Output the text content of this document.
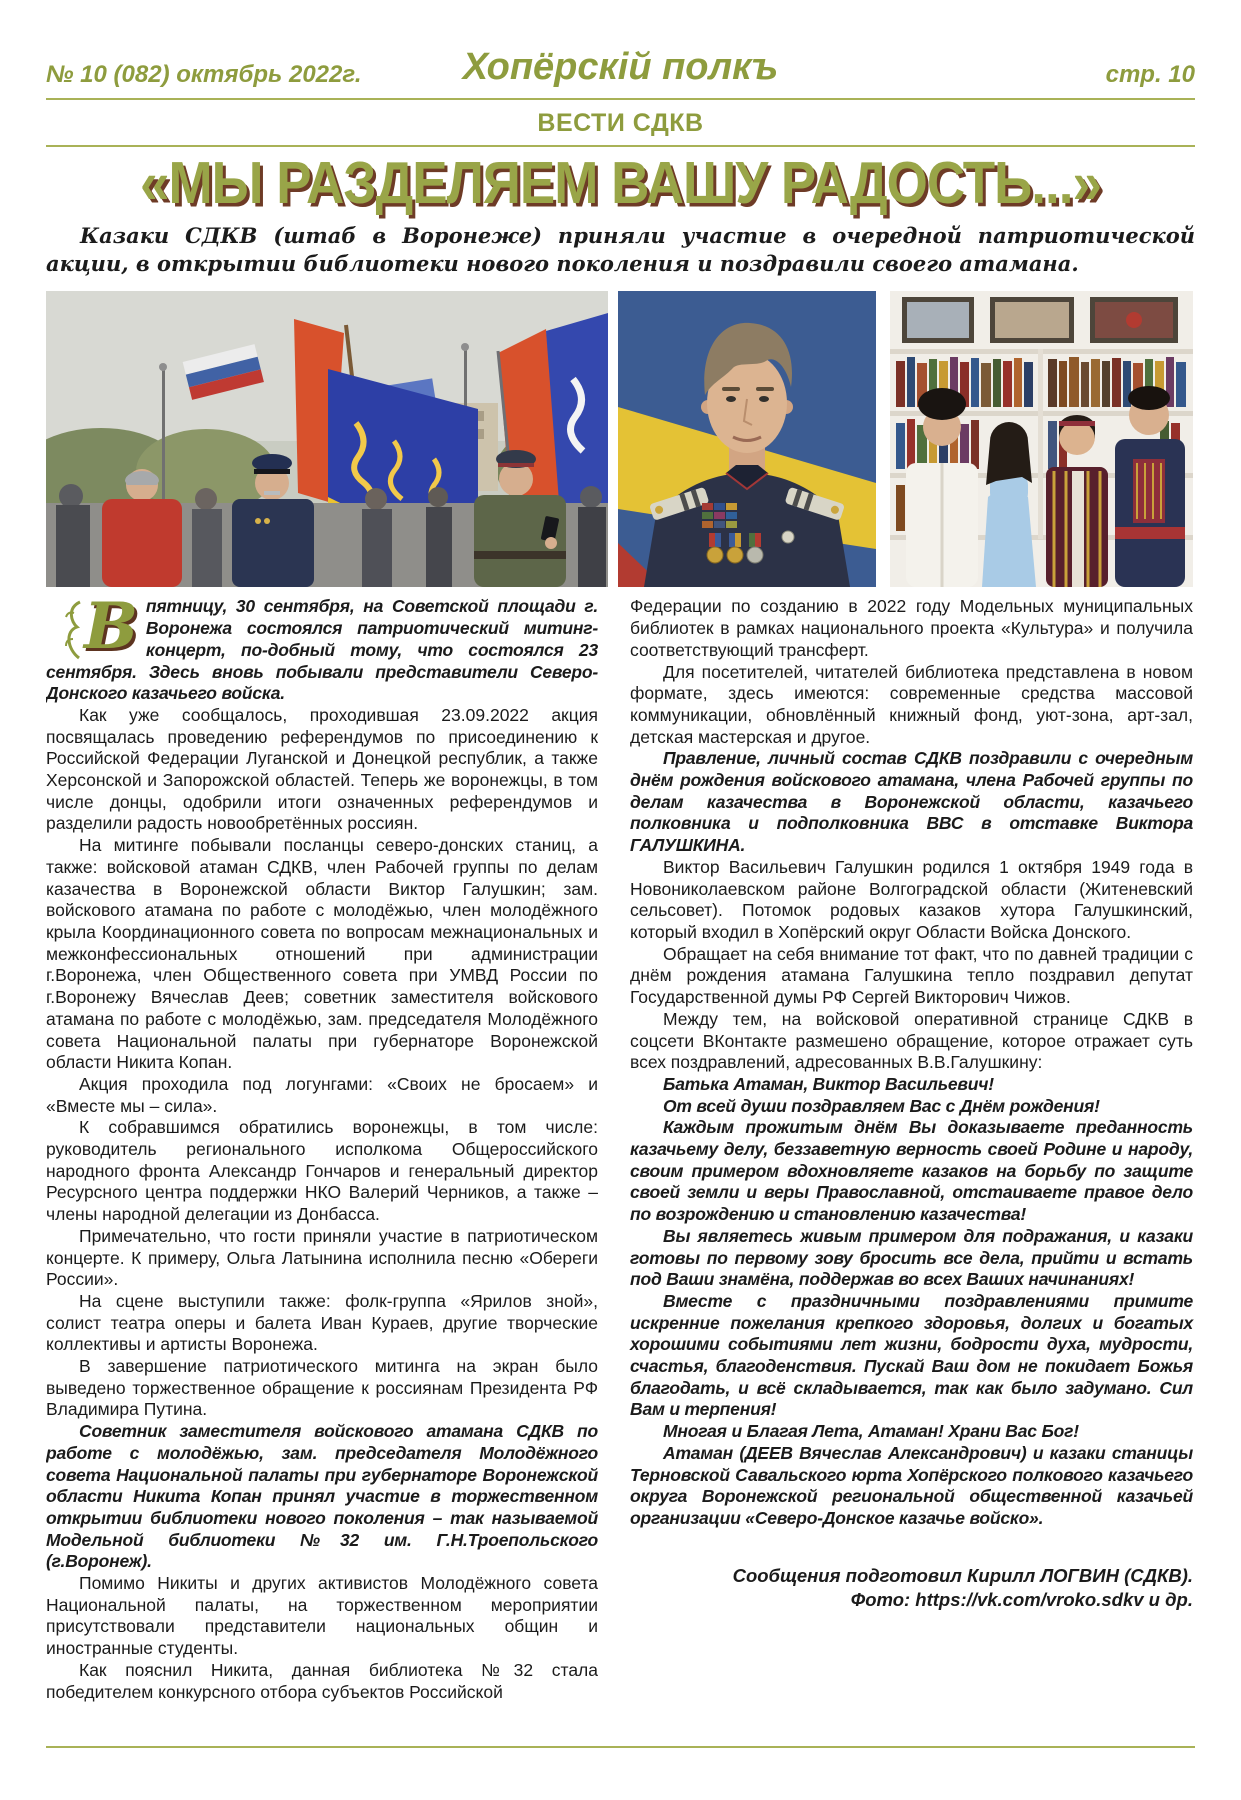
№ 10 (082) октябрь 2022г.	Хопёрскій полкъ	стр. 10
ВЕСТИ СДКВ
«МЫ РАЗДЕЛЯЕМ ВАШУ РАДОСТЬ...»

Казаки СДКВ (штаб в Воронеже) приняли участие в очередной патриотической акции, в открытии библиотеки нового поколения и поздравили своего атамана.

В пятницу, 30 сентября, на Советской площади г. Воронежа состоялся патриотический митинг-концерт, по-добный тому, что состоялся 23 сентября. Здесь вновь побывали представители Северо-Донского казачьего войска.

Как уже сообщалось, проходившая 23.09.2022 акция посвящалась проведению референдумов по присоединению к Российской Федерации Луганской и Донецкой республик, а также Херсонской и Запорожской областей. Теперь же воронежцы, в том числе донцы, одобрили итоги означенных референдумов и разделили радость новообретённых россиян.

На митинге побывали посланцы северо-донских станиц, а также: войсковой атаман СДКВ, член Рабочей группы по делам казачества в Воронежской области Виктор Галушкин; зам. войскового атамана по работе с молодёжью, член молодёжного крыла Координационного совета по вопросам межнациональных и межконфессиональных отношений при администрации г.Воронежа, член Общественного совета при УМВД России по г.Воронежу Вячеслав Деев; советник заместителя войскового атамана по работе с молодёжью, зам. председателя Молодёжного совета Национальной палаты при губернаторе Воронежской области Никита Копан.

Акция проходила под логунгами: «Своих не бросаем» и «Вместе мы – сила».

К собравшимся обратились воронежцы, в том числе: руководитель регионального исполкома Общероссийского народного фронта Александр Гончаров и генеральный директор Ресурсного центра поддержки НКО Валерий Черников, а также – члены народной делегации из Донбасса.

Примечательно, что гости приняли участие в патриотическом концерте. К примеру, Ольга Латынина исполнила песню «Обереги России».

На сцене выступили также: фолк-группа «Ярилов зной», солист театра оперы и балета Иван Кураев, другие творческие коллективы и артисты Воронежа.

В завершение патриотического митинга на экран было выведено торжественное обращение к россиянам Президента РФ Владимира Путина.

Советник заместителя войскового атамана СДКВ по работе с молодёжью, зам. председателя Молодёжного совета Национальной палаты при губернаторе Воронежской области Никита Копан принял участие в торжественном открытии библиотеки нового поколения – так называемой Модельной библиотеки №32 им. Г.Н.Троепольского (г.Воронеж).

Помимо Никиты и других активистов Молодёжного совета Национальной палаты, на торжественном мероприятии присутствовали представители национальных общин и иностранные студенты.

Как пояснил Никита, данная библиотека №32 стала победителем конкурсного отбора субъектов Российской

Федерации по созданию в 2022 году Модельных муниципальных библиотек в рамках национального проекта «Культура» и получила соответствующий трансферт.

Для посетителей, читателей библиотека представлена в новом формате, здесь имеются: современные средства массовой коммуникации, обновлённый книжный фонд, уют-зона, арт-зал, детская мастерская и другое.

Правление, личный состав СДКВ поздравили с очередным днём рождения войскового атамана, члена Рабочей группы по делам казачества в Воронежской области, казачьего полковника и подполковника ВВС в отставке Виктора ГАЛУШКИНА.

Виктор Васильевич Галушкин родился 1 октября 1949 года в Новониколаевском районе Волгоградской области (Житеневский сельсовет). Потомок родовых казаков хутора Галушкинский, который входил в Хопёрский округ Области Войска Донского.

Обращает на себя внимание тот факт, что по давней традиции с днём рождения атамана Галушкина тепло поздравил депутат Государственной думы РФ Сергей Викторович Чижов.

Между тем, на войсковой оперативной странице СДКВ в соцсети ВКонтакте размешено обращение, которое отражает суть всех поздравлений, адресованных В.В.Галушкину:

Батька Атаман, Виктор Васильевич!

От всей души поздравляем Вас с Днём рождения!

Каждым прожитым днём Вы доказываете преданность казачьему делу, беззаветную верность своей Родине и народу, своим примером вдохновляете казаков на борьбу по защите своей земли и веры Православной, отстаиваете правое дело по возрождению и становлению казачества!

Вы являетесь живым примером для подражания, и казаки готовы по первому зову бросить все дела, прийти и встать под Ваши знамёна, поддержав во всех Ваших начинаниях!

Вместе с праздничными поздравлениями примите искренние пожелания крепкого здоровья, долгих и богатых хорошими событиями лет жизни, бодрости духа, мудрости, счастья, благоденствия. Пускай Ваш дом не покидает Божья благодать, и всё складывается, так как было задумано. Сил Вам и терпения!

Многая и Благая Лета, Атаман! Храни Вас Бог!

Атаман (ДЕЕВ Вячеслав Александрович) и казаки станицы Терновской Савальского юрта Хопёрского полкового казачьего округа Воронежской региональной общественной казачьей организации «Северо-Донское казачье войско».

Сообщения подготовил Кирилл ЛОГВИН (СДКВ).

Фото: https://vk.com/vroko.sdkv и др.
